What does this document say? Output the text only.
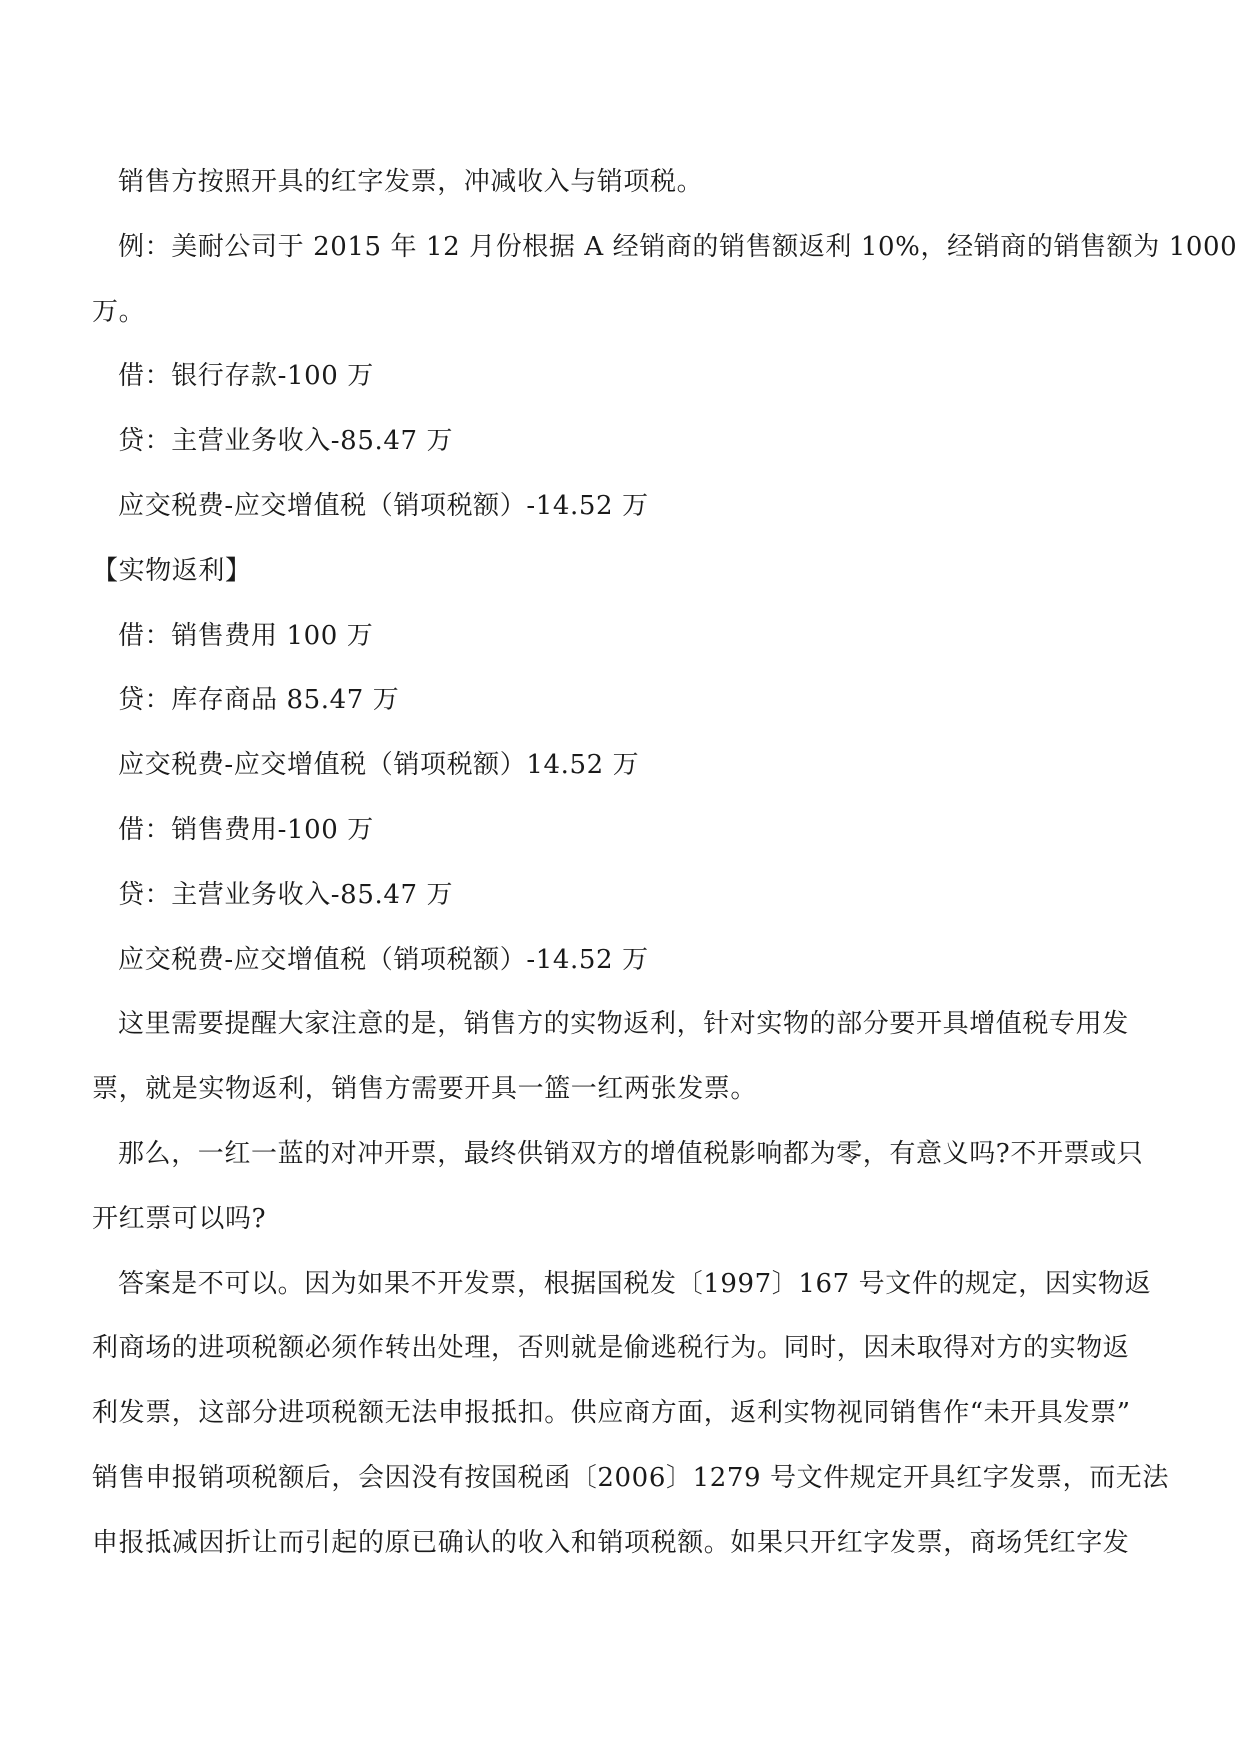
销售方按照开具的红字发票，冲减收入与销项税。
例：美耐公司于 2015 年 12 月份根据 A 经销商的销售额返利 10%，经销商的销售额为 1000
万。
借：银行存款-100 万
贷：主营业务收入-85.47 万
应交税费-应交增值税（销项税额）-14.52 万
【实物返利】
借：销售费用 100 万
贷：库存商品 85.47 万
应交税费-应交增值税（销项税额）14.52 万
借：销售费用-100 万
贷：主营业务收入-85.47 万
应交税费-应交增值税（销项税额）-14.52 万
这里需要提醒大家注意的是，销售方的实物返利，针对实物的部分要开具增值税专用发
票，就是实物返利，销售方需要开具一篮一红两张发票。
那么，一红一蓝的对冲开票，最终供销双方的增值税影响都为零，有意义吗?不开票或只
开红票可以吗?
答案是不可以。因为如果不开发票，根据国税发〔1997〕167 号文件的规定，因实物返
利商场的进项税额必须作转出处理，否则就是偷逃税行为。同时，因未取得对方的实物返
利发票，这部分进项税额无法申报抵扣。供应商方面，返利实物视同销售作“未开具发票”
销售申报销项税额后，会因没有按国税函〔2006〕1279 号文件规定开具红字发票，而无法
申报抵减因折让而引起的原已确认的收入和销项税额。如果只开红字发票，商场凭红字发
